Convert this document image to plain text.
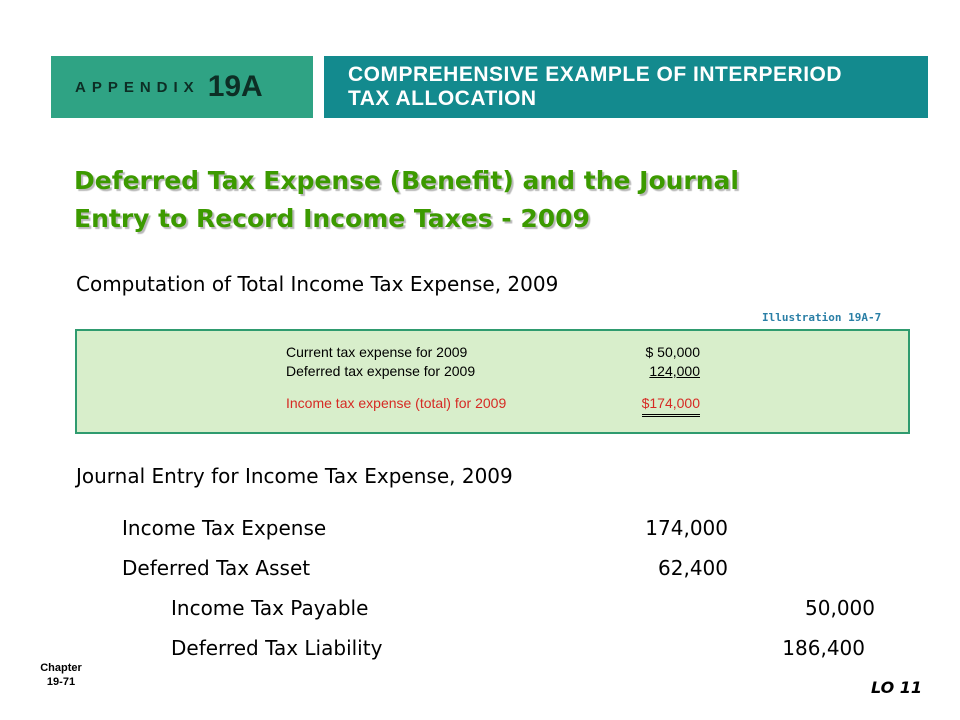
APPENDIX 19A	COMPREHENSIVE EXAMPLE OF INTERPERIOD
TAX ALLOCATION
Deferred Tax Expense (Benefit) and the Journal
Entry to Record Income Taxes - 2009
Computation of Total Income Tax Expense, 2009
Illustration 19A-7
Current tax expense for 2009	$ 50,000
Deferred tax expense for 2009	124,000
Income tax expense (total) for 2009	$174,000
Journal Entry for Income Tax Expense, 2009
Income Tax Expense	174,000
Deferred Tax Asset	62,400
Income Tax Payable	50,000
Deferred Tax Liability	186,400
Chapter
19-71	LO 11
